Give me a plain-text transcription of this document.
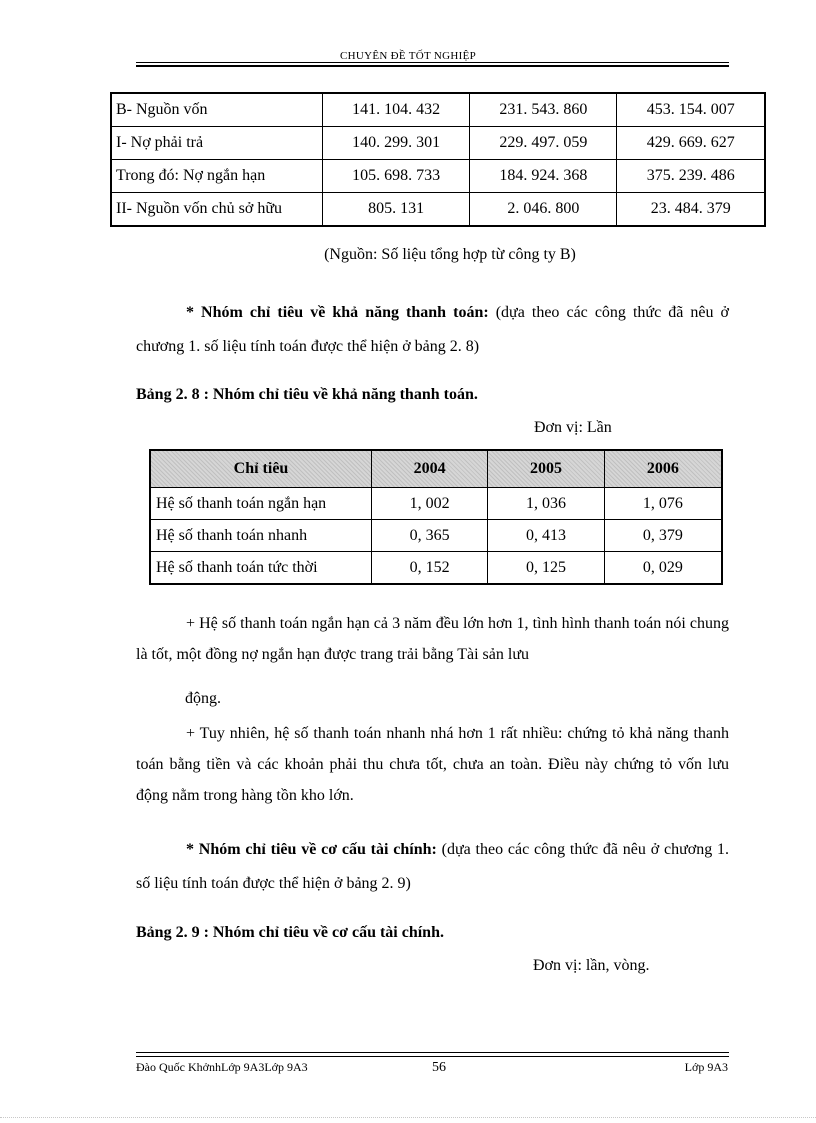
CHUYÊN ĐỀ TỐT NGHIỆP
B- Nguồn vốn	141. 104. 432	231. 543. 860	453. 154. 007
I- Nợ phải trả	140. 299. 301	229. 497. 059	429. 669. 627
Trong đó: Nợ ngắn hạn	105. 698. 733	184. 924. 368	375. 239. 486
II- Nguồn vốn chủ sở hữu	805. 131	2. 046. 800	23. 484. 379
(Nguồn: Số liệu tổng hợp từ công ty B)
* Nhóm chỉ tiêu về khả năng thanh toán: (dựa theo các công thức đã nêu ở chương 1. số liệu tính toán được thể hiện ở bảng 2. 8)
Bảng 2. 8 : Nhóm chỉ tiêu về khả năng thanh toán.
Đơn vị: Lần
Chỉ tiêu	2004	2005	2006
Hệ số thanh toán ngắn hạn	1, 002	1, 036	1, 076
Hệ số thanh toán nhanh	0, 365	0, 413	0, 379
Hệ số thanh toán tức thời	0, 152	0, 125	0, 029
+ Hệ số thanh toán ngắn hạn cả 3 năm đều lớn hơn 1, tình hình thanh toán nói chung là tốt, một đồng nợ ngắn hạn được trang trải bằng Tài sản lưu
động.
+ Tuy nhiên, hệ số thanh toán nhanh nhá hơn 1 rất nhiều: chứng tỏ khả năng thanh toán bằng tiền và các khoản phải thu chưa tốt, chưa an toàn. Điều này chứng tỏ vốn lưu động nằm trong hàng tồn kho lớn.
* Nhóm chỉ tiêu về cơ cấu tài chính: (dựa theo các công thức đã nêu ở chương 1. số liệu tính toán được thể hiện ở bảng 2. 9)
Bảng 2. 9 : Nhóm chỉ tiêu về cơ cấu tài chính.
Đơn vị: lần, vòng.
Đào Quốc KhởnhLớp 9A3Lớp 9A3	56	Lớp 9A3
